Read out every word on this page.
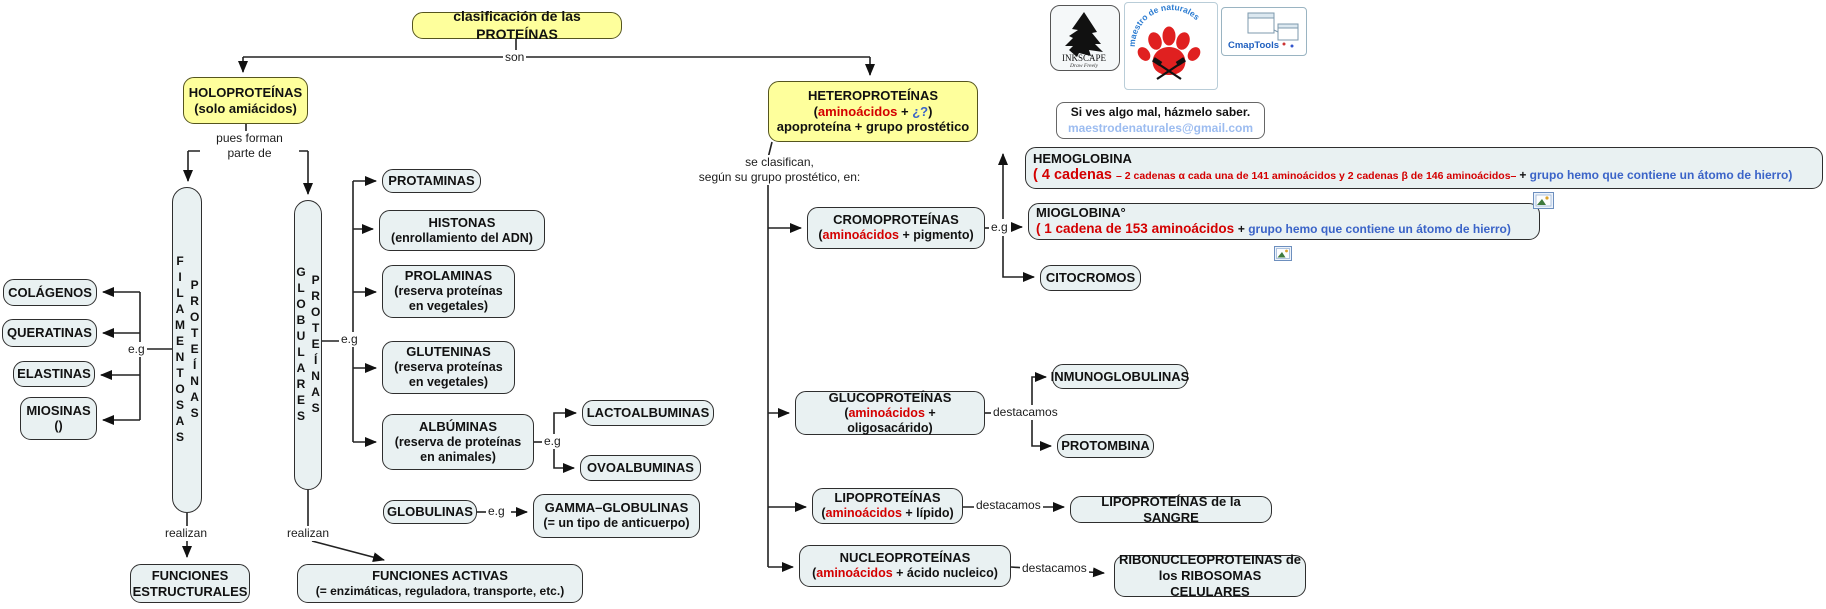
clasificación de las PROTEÍNAS
HOLOPROTEÍNAS
(solo amiácidos)
HETEROPROTEÍNAS
(aminoácidos + ¿?)
apoproteína + grupo prostético
PROTEÍNAS FILAMENTOSAS	PROTEÍNAS GLOBULARES
COLÁGENOS
QUERATINAS
ELASTINAS
MIOSINAS
()
PROTAMINAS
HISTONAS
(enrollamiento del ADN)
PROLAMINAS
(reserva proteínas
en vegetales)
GLUTENINAS
(reserva proteínas
en vegetales)
ALBÚMINAS
(reserva de proteínas
en animales)
LACTOALBUMINAS
OVOALBUMINAS
GLOBULINAS	GAMMA–GLOBULINAS
(= un tipo de anticuerpo)
FUNCIONES
ESTRUCTURALES
FUNCIONES ACTIVAS
(= enzimáticas, reguladora, transporte, etc.)
CROMOPROTEÍNAS
(aminoácidos + pigmento)
HEMOGLOBINA
( 4 cadenas – 2 cadenas α cada una de 141 aminoácidos y 2 cadenas β de 146 aminoácidos– + grupo hemo que contiene un átomo de hierro)
MIOGLOBINA°
( 1 cadena de 153 aminoácidos + grupo hemo que contiene un átomo de hierro)
CITOCROMOS
GLUCOPROTEÍNAS
(aminoácidos + oligosacárido)
INMUNOGLOBULINAS
PROTOMBINA
LIPOPROTEÍNAS
(aminoácidos + lípido)
LIPOPROTEÍNAS de la SANGRE
NUCLEOPROTEÍNAS
(aminoácidos + ácido nucleico)
RIBONUCLEOPROTEINAS de
los RIBOSOMAS CELULARES
son
pues forman
parte de
se clasifican,
según su grupo prostético, en:
e.g
e.g
e.g
e.g
e.g
realizan	realizan
destacamos
destacamos
destacamos
INKSCAPE
Draw Freely
maestro de naturales
CmapTools
Si ves algo mal, házmelo saber.
maestrodenaturales@gmail.com
